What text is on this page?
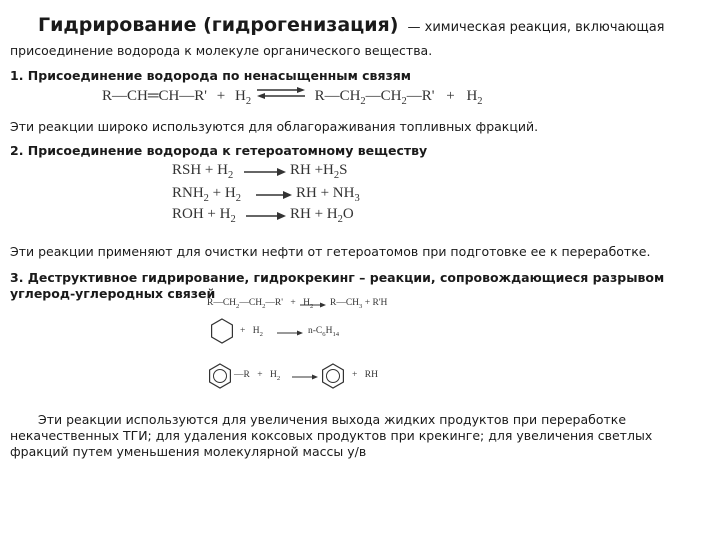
Гидрирование (гидрогенизация) — химическая реакция, включающая
присоединение водорода к молекуле органического вещества.
1. Присоединение водорода по ненасыщенным связям
R—CH═CH—R' + $H_2$ ⇌ $R—CH_2—CH_2—R' + H_2$
Эти реакции широко используются для облагораживания топливных фракций.
2. Присоединение водорода к гетероатомному веществу
RSH + $H_2$	RH $+H_2S$
$RNH_2 + H_2$	RH + $NH_3$
ROH + $H_2$	RH + $H_2O$
Эти реакции применяют для очистки нефти от гетероатомов при подготовке ее к переработке.
3. Деструктивное гидрирование, гидрокрекинг – реакции, сопровождающиеся разрывом
углерод-углеродных связей
$R—CH_2—CH_2—R' + H_2$ $R—CH_3 + R'H$
+ $H_2$	$n-C_6H_{14}$
—R + $H_2$	+ RH
Эти реакции используются для увеличения выхода жидких продуктов при переработке
некачественных ТГИ; для удаления коксовых продуктов при крекинге; для увеличения светлых
фракций путем уменьшения молекулярной массы у/в
